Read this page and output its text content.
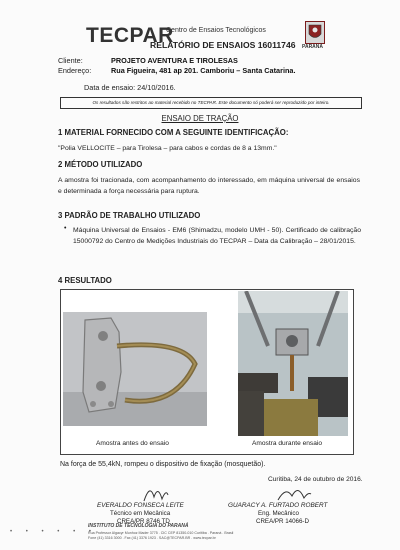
TECPAR
Centro de Ensaios Tecnológicos
RELATÓRIO DE ENSAIOS 16011746 PARANÁ
Cliente:	PROJETO AVENTURA E TIROLESAS
Endereço:	Rua Figueira, 481 ap 201. Camboriu – Santa Catarina.
Data de ensaio: 24/10/2016.
Os resultados são restritos ao material recebido no TECPAR. Este documento só poderá ser reproduzido por inteiro.
ENSAIO DE TRAÇÃO
1 MATERIAL FORNECIDO COM A SEGUINTE IDENTIFICAÇÃO:
"Polia VELLOCITE – para Tirolesa – para cabos e cordas de 8 a 13mm."
2 MÉTODO UTILIZADO
A amostra foi tracionada, com acompanhamento do interessado, em máquina universal de ensaios e determinada a força necessária para ruptura.
3 PADRÃO DE TRABALHO UTILIZADO
• Máquina Universal de Ensaios - EM6 (Shimadzu, modelo UMH - 50). Certificado de calibração 15000792 do Centro de Medições Industriais do TECPAR – Data da Calibração – 28/01/2015.
4 RESULTADO
Amostra antes do ensaio	Amostra durante ensaio
Na força de 55,4kN, rompeu o dispositivo de fixação (mosquetão).
Curitiba, 24 de outubro de 2016.
EVERALDO FONSECA LEITE
Técnico em Mecânica
CREA/PR 8746 TD
GUARACY A. FURTADO ROBERT
Eng. Mecânico
CREA/PR 14066-D
• • • • • •
INSTITUTO DE TECNOLOGIA DO PARANÁ
Rua Professor Algacyr Munhoz Mader 3775 . CIC CEP 81350-010 Curitiba . Paraná . Brasil
Fone (41) 3316 3000 . Fax (41) 3376 1923 . SAC@TECPAR.BR . www.tecpar.br
